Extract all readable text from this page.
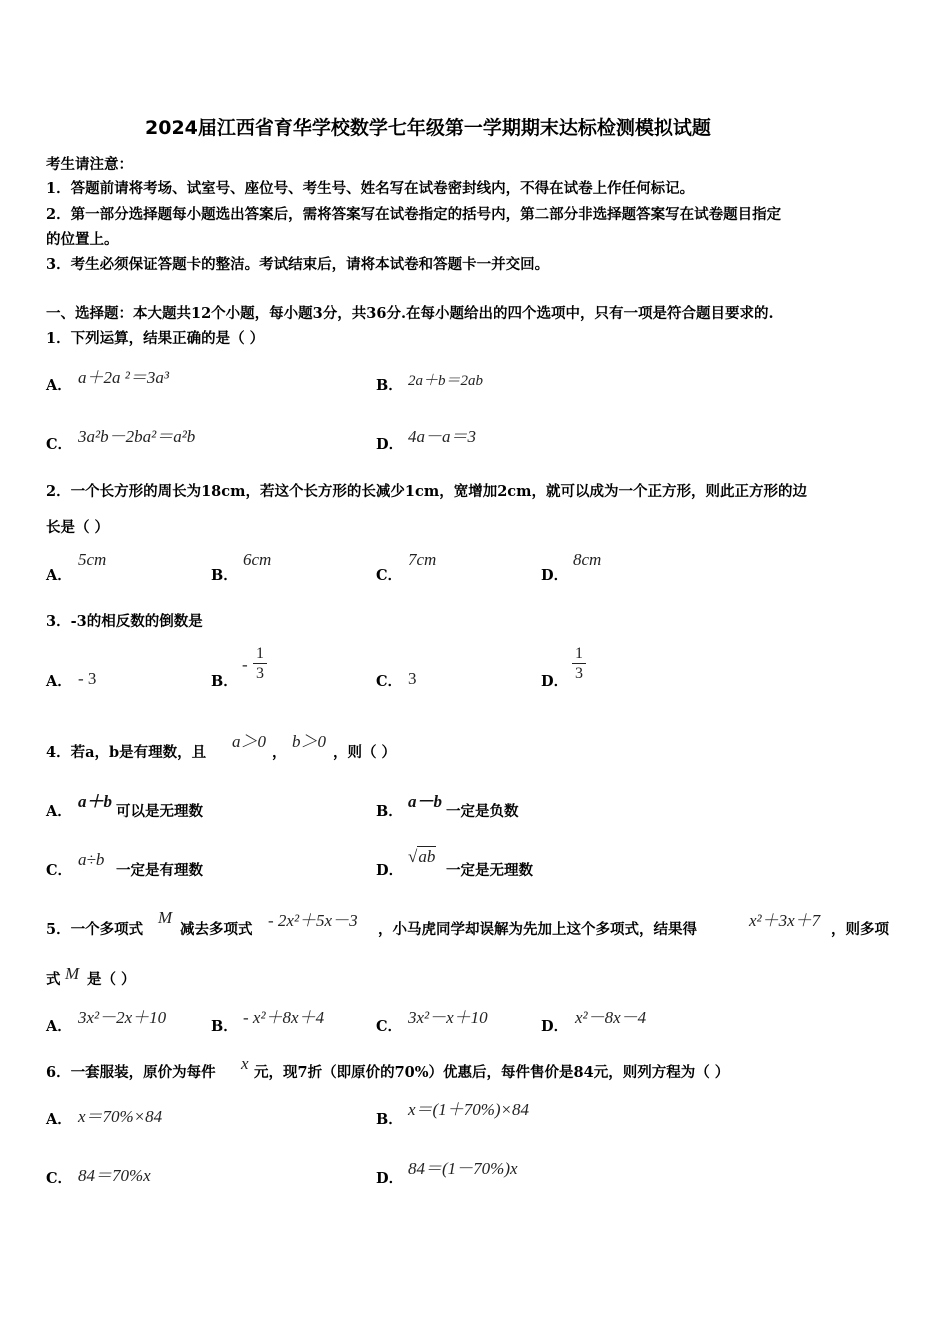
2024届江西省育华学校数学七年级第一学期期末达标检测模拟试题
考生请注意：
1．答题前请将考场、试室号、座位号、考生号、姓名写在试卷密封线内，不得在试卷上作任何标记。
2．第一部分选择题每小题选出答案后，需将答案写在试卷指定的括号内，第二部分非选择题答案写在试卷题目指定
的位置上。
3．考生必须保证答题卡的整洁。考试结束后，请将本试卷和答题卡一并交回。
一、选择题：本大题共12个小题，每小题3分，共36分.在每小题给出的四个选项中，只有一项是符合题目要求的.
1．下列运算，结果正确的是（ ）
A． a＋2a ²＝3a³	B． 2a＋b＝2ab
C． 3a²b－2ba²＝a²b	D． 4a－a＝3
2．一个长方形的周长为18cm，若这个长方形的长减少1cm，宽增加2cm，就可以成为一个正方形，则此正方形的边
长是（ ）
A．
5cm
B．
6cm
C．
7cm
D．
8cm
3．-3的相反数的倒数是
A． - 3	B．
-
1
3	C． 3	D．
1
3
4．若a，b是有理数，且
a＞0
，
b＞0
，则（ ）
A．
a＋b
可以是无理数	B．
a－b
一定是负数
C．
a÷b
一定是有理数	D．
√ab
一定是无理数
5．一个多项式
M
减去多项式 - 2x²＋5x－3 ，小马虎同学却误解为先加上这个多项式，结果得	x²＋3x＋7 ，则多项
式 M 是（ ）
A． 3x²－2x＋10	B． - x²＋8x＋4	C． 3x²－x＋10	D． x²－8x－4
6．一套服装，原价为每件 x 元，现7折（即原价的70%）优惠后，每件售价是84元，则列方程为（ ）
A． x＝70%×84	B．
x＝(1＋70%)×84
C． 84＝70%x	D．
84＝(1－70%)x
